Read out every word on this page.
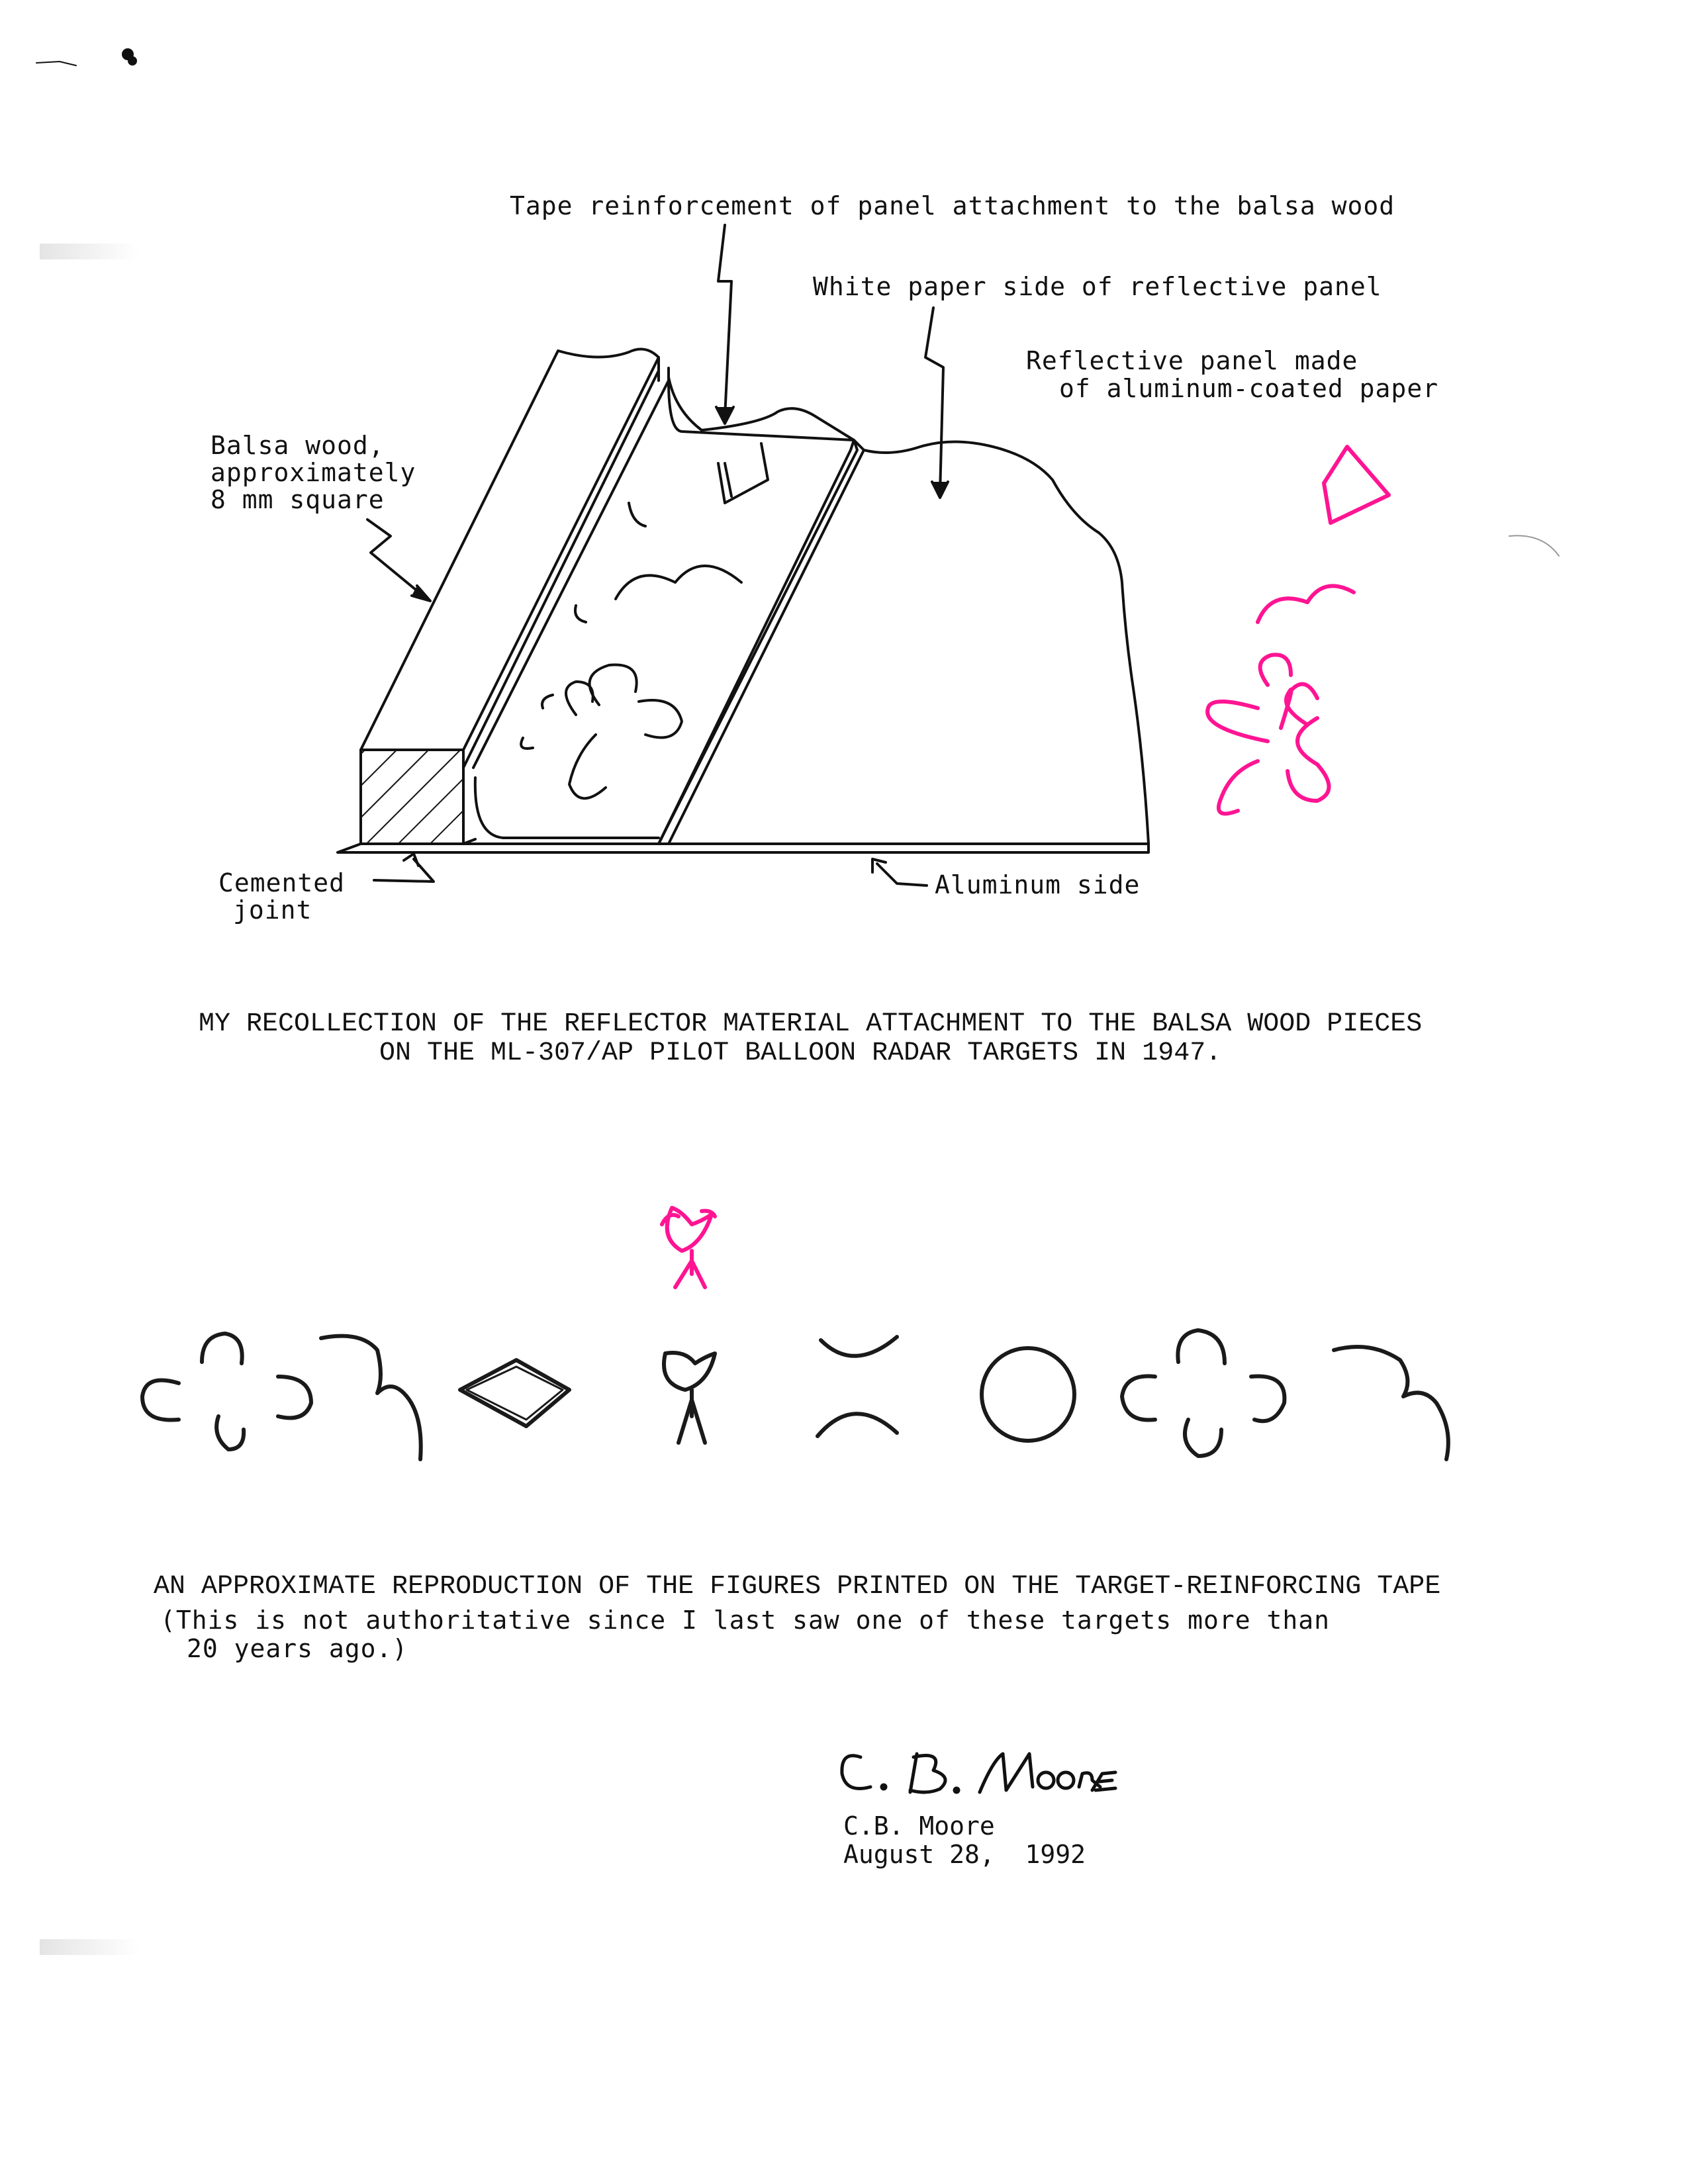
Tape reinforcement of panel attachment to the balsa wood
White paper side of reflective panel
Reflective panel made
of aluminum-coated paper
Balsa wood,
approximately
8 mm square
Cemented
joint
Aluminum side
MY RECOLLECTION OF THE REFLECTOR MATERIAL ATTACHMENT TO THE BALSA WOOD PIECES
ON THE ML-307/AP PILOT BALLOON RADAR TARGETS IN 1947.
AN APPROXIMATE REPRODUCTION OF THE FIGURES PRINTED ON THE TARGET-REINFORCING TAPE
(This is not authoritative since I last saw one of these targets more than
20 years ago.)
C.B. Moore
August 28,  1992
